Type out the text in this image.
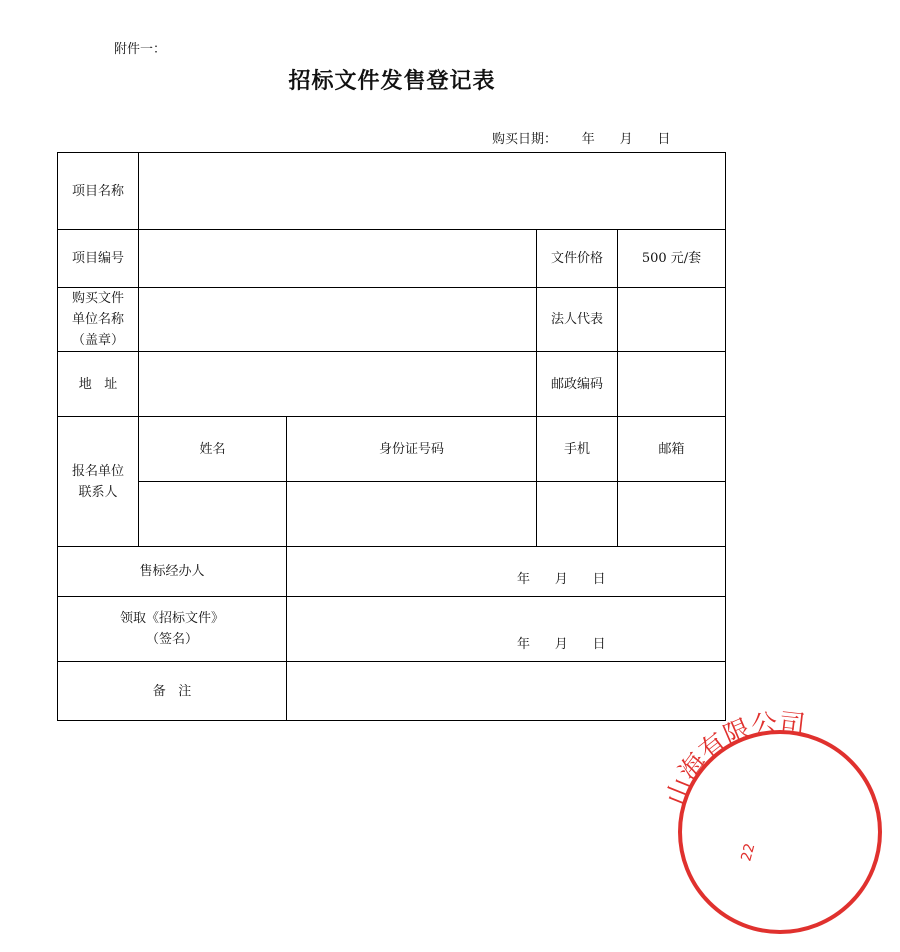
附件一：
招标文件发售登记表
购买日期：      年      月      日
项目名称				
项目编号			文件价格	500 元/套

购买文件
单位名称
（盖章）			法人代表	
地   址			邮政编码	

报名单位
联系人	姓名	身份证号码	手机	邮箱

售标经办人		年      月      日		

领取《招标文件》
（签名）		年      月      日		

备   注				
山海有限公司
22
